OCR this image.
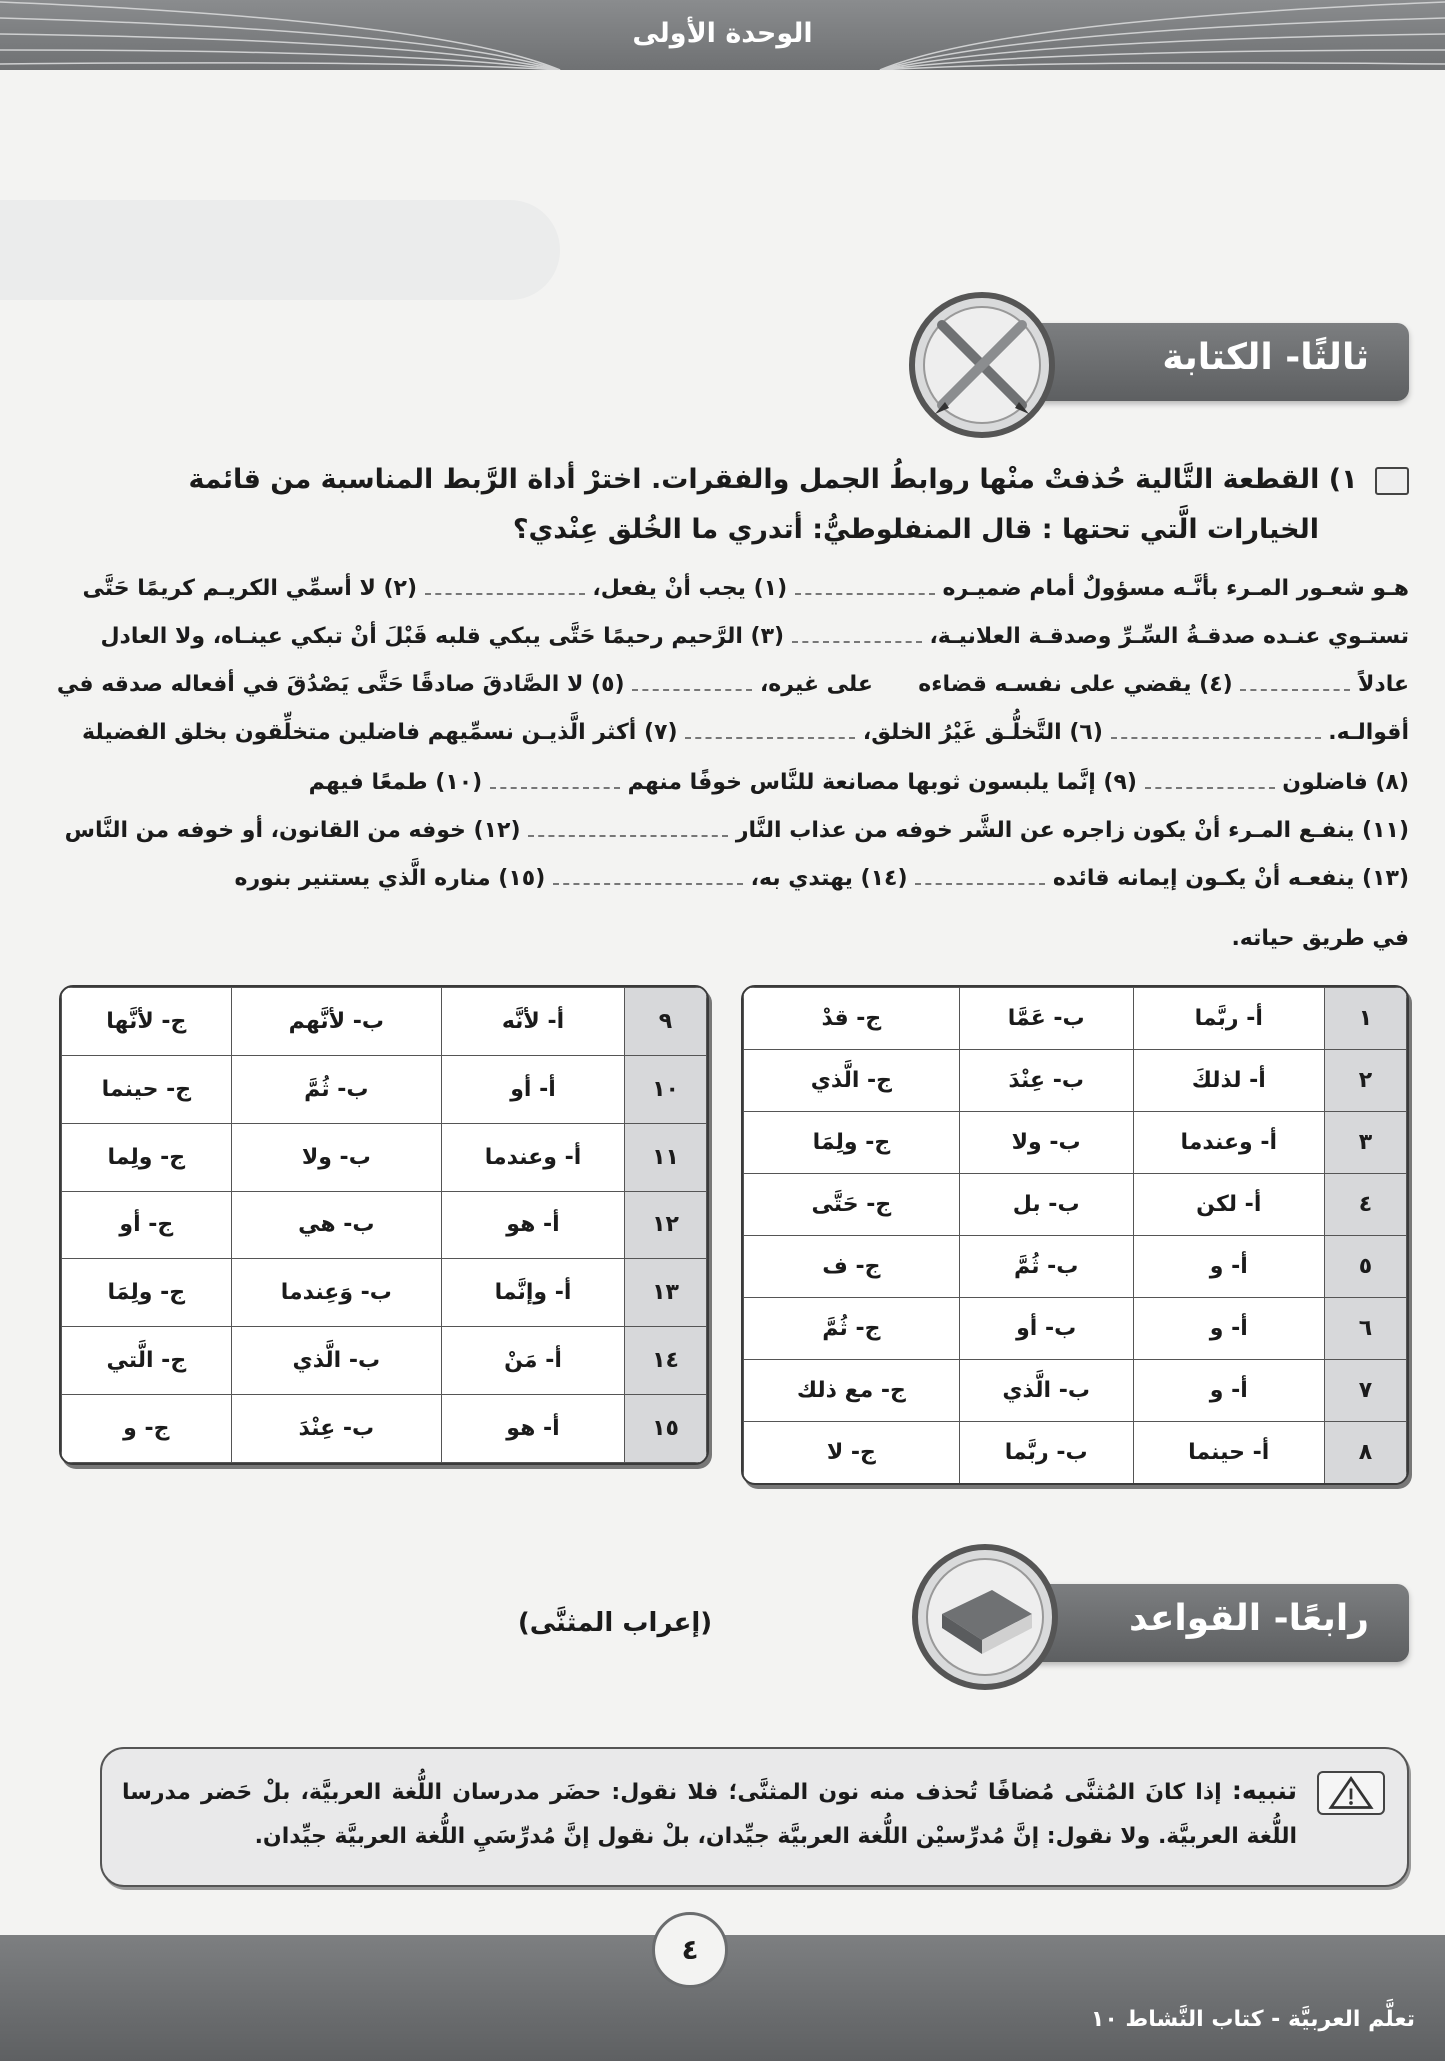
الوحدة الأولى
ثالثًا- الكتابة
١) القطعة التَّالية حُذفتْ منْها روابطُ الجمل والفقرات. اخترْ أداة الرَّبط المناسبة من قائمة
الخيارات الَّتي تحتها : قال المنفلوطيُّ: أتدري ما الخُلق عِنْدي؟
هـو شعـور المـرء بأنَّـه مسؤولٌ أمام ضميـره  (١) يجب أنْ يفعل،  (٢) لا أسمِّي الكريـم كريمًا حَتَّى
تستـوي عنـده صدقـةُ السِّـرِّ وصدقـة العلانيـة،  (٣) الرَّحيم رحيمًا حَتَّى يبكي قلبه قَبْلَ أنْ تبكي عينـاه، ولا العادل
عادلاً  (٤) يقضي على نفسـه قضاءه  على غيره،  (٥) لا الصَّادقَ صادقًا حَتَّى يَصْدُقَ في أفعاله صدقه في
أقوالـه.  (٦) التَّخلُّـق غَيْرُ الخلق،  (٧) أكثر الَّذيـن نسمِّيهم فاضلين متخلِّقون بخلق الفضيلة
(٨) فاضلون  (٩) إنَّما يلبسون ثوبها مصانعة للنَّاس خوفًا منهم  (١٠) طمعًا فيهم
(١١) ينفـع المـرء أنْ يكون زاجره عن الشَّر خوفه من عذاب النَّار  (١٢) خوفه من القانون، أو خوفه من النَّاس
(١٣) ينفعـه أنْ يكـون إيمانه قائده  (١٤) يهتدي به،  (١٥) مناره الَّذي يستنير بنوره
في طريق حياته.
١	أ- ربَّما	ب- عَمَّا	ج- قدْ
٢	أ- لذلكَ	ب- عِنْدَ	ج- الَّذي
٣	أ- وعندما	ب- ولا	ج- ولِمَا
٤	أ- لكن	ب- بل	ج- حَتَّى
٥	أ- و	ب- ثُمَّ	ج- ف
٦	أ- و	ب- أو	ج- ثُمَّ
٧	أ- و	ب- الَّذي	ج- مع ذلك
٨	أ- حينما	ب- ربَّما	ج- لا
٩	أ- لأنَّه	ب- لأنَّهم	ج- لأنَّها
١٠	أ- أو	ب- ثُمَّ	ج- حينما
١١	أ- وعندما	ب- ولا	ج- ولِما
١٢	أ- هو	ب- هي	ج- أو
١٣	أ- وإنَّما	ب- وَعِندما	ج- ولِمَا
١٤	أ- مَنْ	ب- الَّذي	ج- الَّتي
١٥	أ- هو	ب- عِنْدَ	ج- و
رابعًا- القواعد
(إعراب المثنَّى)
تنبيه: إذا كانَ المُثنَّى مُضافًا تُحذف منه نون المثنَّى؛ فلا نقول: حضَر مدرسان اللُّغة العربيَّة، بلْ حَضر مدرسا اللُّغة العربيَّة. ولا نقول: إنَّ مُدرِّسيْن اللُّغة العربيَّة جيِّدان، بلْ نقول إنَّ مُدرِّسَيِ اللُّغة العربيَّة جيِّدان.
تعلَّم العربيَّة - كتاب النَّشاط ١٠
٤
